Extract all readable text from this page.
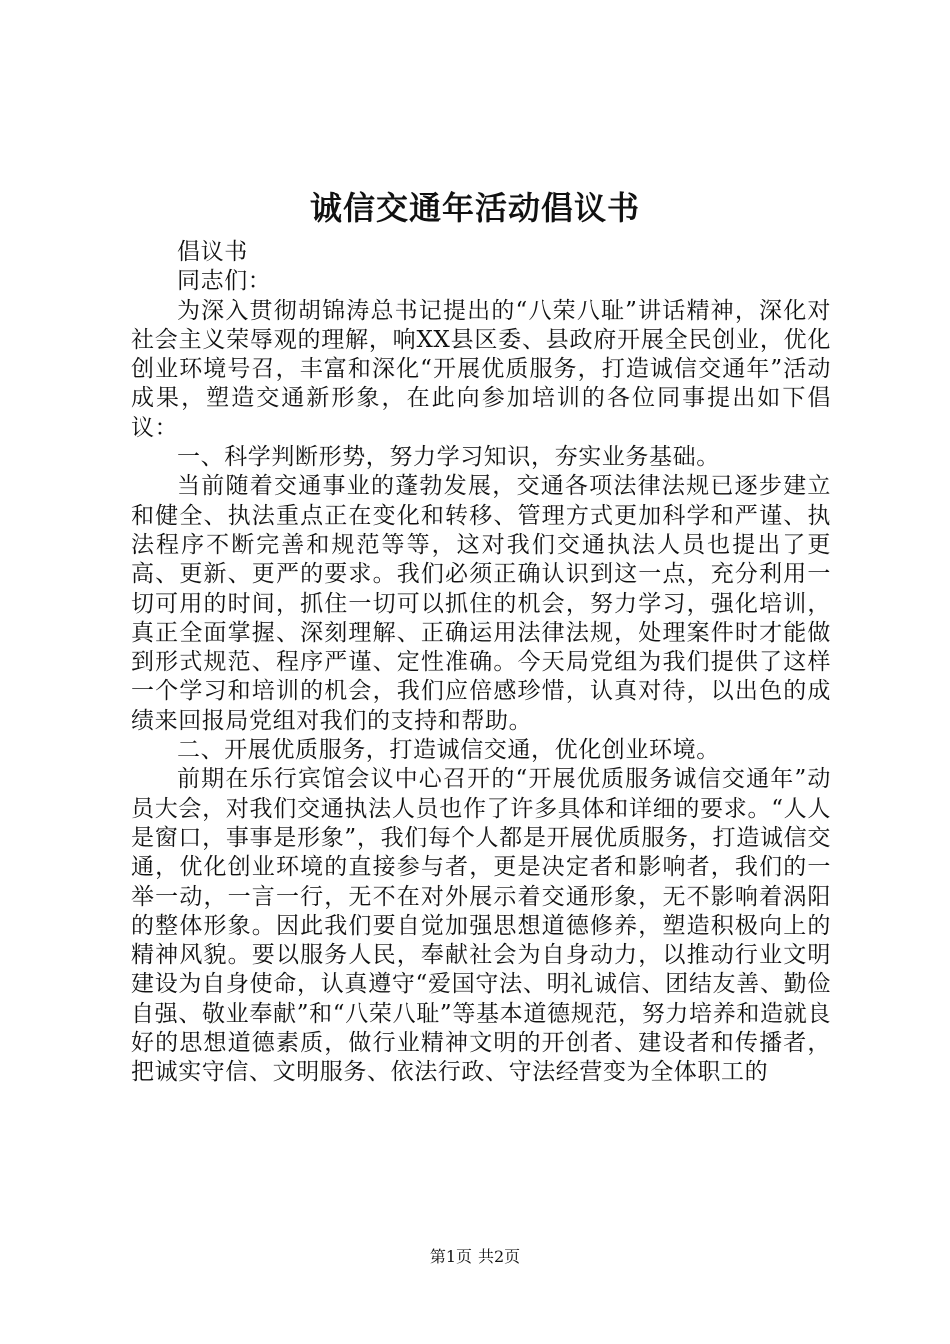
诚信交通年活动倡议书

倡议书

同志们：

为深入贯彻胡锦涛总书记提出的“八荣八耻”讲话精神，深化对社会主义荣辱观的理解，响XX县区委、县政府开展全民创业，优化创业环境号召，丰富和深化“开展优质服务，打造诚信交通年”活动成果，塑造交通新形象，在此向参加培训的各位同事提出如下倡议：

一、科学判断形势，努力学习知识，夯实业务基础。

当前随着交通事业的蓬勃发展，交通各项法律法规已逐步建立和健全、执法重点正在变化和转移、管理方式更加科学和严谨、执法程序不断完善和规范等等，这对我们交通执法人员也提出了更高、更新、更严的要求。我们必须正确认识到这一点，充分利用一切可用的时间，抓住一切可以抓住的机会，努力学习，强化培训，真正全面掌握、深刻理解、正确运用法律法规，处理案件时才能做到形式规范、程序严谨、定性准确。今天局党组为我们提供了这样一个学习和培训的机会，我们应倍感珍惜，认真对待，以出色的成绩来回报局党组对我们的支持和帮助。

二、开展优质服务，打造诚信交通，优化创业环境。

前期在乐行宾馆会议中心召开的“开展优质服务诚信交通年”动员大会，对我们交通执法人员也作了许多具体和详细的要求。“人人是窗口，事事是形象”，我们每个人都是开展优质服务，打造诚信交通，优化创业环境的直接参与者，更是决定者和影响者，我们的一举一动，一言一行，无不在对外展示着交通形象，无不影响着涡阳的整体形象。因此我们要自觉加强思想道德修养，塑造积极向上的精神风貌。要以服务人民，奉献社会为自身动力，以推动行业文明建设为自身使命，认真遵守“爱国守法、明礼诚信、团结友善、勤俭自强、敬业奉献”和“八荣八耻”等基本道德规范，努力培养和造就良好的思想道德素质，做行业精神文明的开创者、建设者和传播者，把诚实守信、文明服务、依法行政、守法经营变为全体职工的

第1页 共2页
